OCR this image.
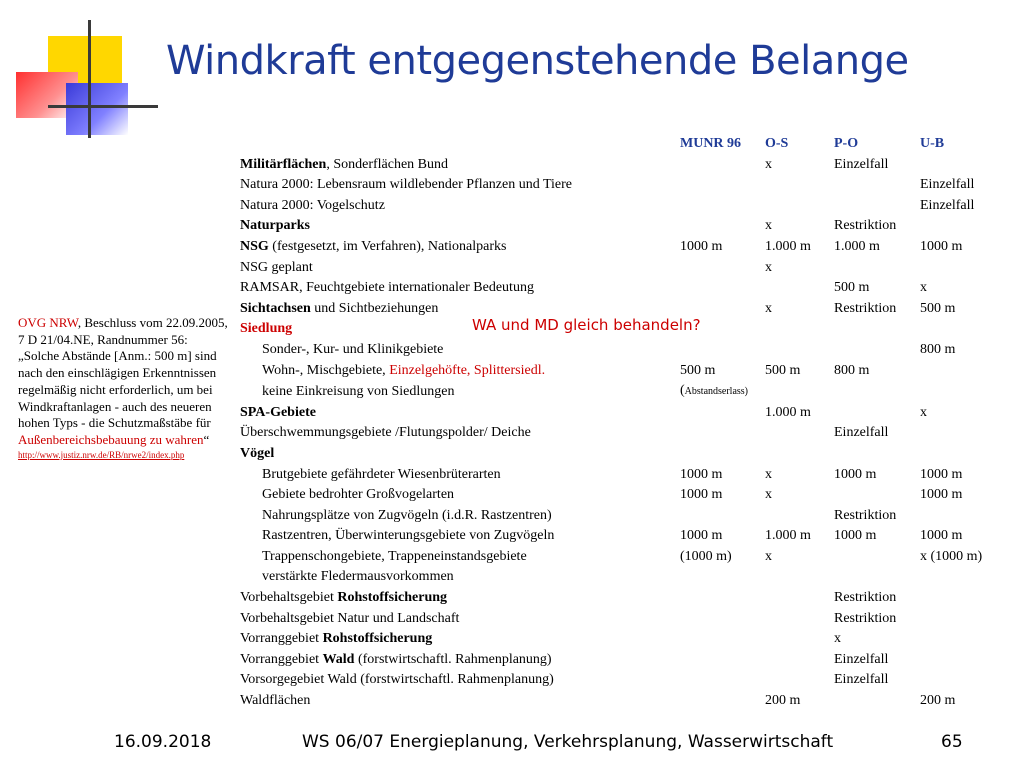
Windkraft entgegenstehende Belange
OVG NRW, Beschluss vom 22.09.2005, 7 D 21/04.NE, Randnummer 56:
„Solche Abstände [Anm.: 500 m] sind nach den einschlägigen Erkenntnissen regelmäßig nicht erforderlich, um bei Windkraftanlagen - auch des neueren hohen Typs - die Schutzmaßstäbe für Außenbereichsbebauung zu wahren“
http://www.justiz.nrw.de/RB/nrwe2/index.php
	MUNR 96	O-S	P-O	U-B
Militärflächen, Sonderflächen Bund		x	Einzelfall	
Natura 2000: Lebensraum wildlebender Pflanzen und Tiere				Einzelfall
Natura 2000: Vogelschutz				Einzelfall
Naturparks		x	Restriktion	
NSG (festgesetzt, im Verfahren), Nationalparks	1000 m	1.000 m	1.000 m	1000 m
NSG geplant		x		
RAMSAR, Feuchtgebiete internationaler Bedeutung			500 m	x
Sichtachsen und Sichtbeziehungen		x	Restriktion	500 m
Siedlung				
Sonder-, Kur- und Klinikgebiete				800 m
Wohn-, Mischgebiete, Einzelgehöfte, Splittersiedl.	500 m	500 m	800 m	
keine Einkreisung von Siedlungen	(Abstandserlass)			
SPA-Gebiete		1.000 m		x
Überschwemmungsgebiete /Flutungspolder/ Deiche			Einzelfall	
Vögel				
Brutgebiete gefährdeter Wiesenbrüterarten	1000 m	x	1000 m	1000 m
Gebiete bedrohter Großvogelarten	1000 m	x		1000 m
Nahrungsplätze von Zugvögeln (i.d.R. Rastzentren)			Restriktion	
Rastzentren, Überwinterungsgebiete von Zugvögeln	1000 m	1.000 m	1000 m	1000 m
Trappenschongebiete, Trappeneinstandsgebiete	(1000 m)	x		x (1000 m)
verstärkte Fledermausvorkommen				
Vorbehaltsgebiet Rohstoffsicherung			Restriktion	
Vorbehaltsgebiet Natur und Landschaft			Restriktion	
Vorranggebiet Rohstoffsicherung			x	
Vorranggebiet Wald (forstwirtschaftl. Rahmenplanung)			Einzelfall	
Vorsorgegebiet Wald (forstwirtschaftl. Rahmenplanung)			Einzelfall	
Waldflächen		200 m		200 m
WA und MD gleich behandeln?
16.09.2018	WS 06/07 Energieplanung, Verkehrsplanung, Wasserwirtschaft	65
